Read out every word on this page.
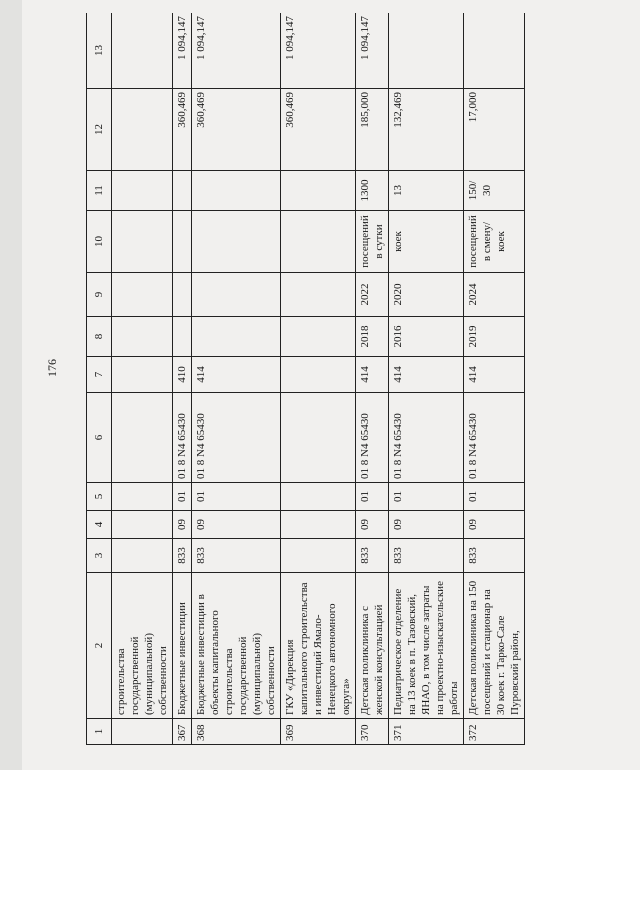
176
1	2	3	4	5	6	7	8	9	10	11	12	13
	строительства государственной (муниципальной) собственности											
367	Бюджетные инвестиции	833	09	01	01 8 N4 65430	410					360,469	1 094,147
368	Бюджетные инвестиции в объекты капитального строительства государственной (муниципальной) собственности	833	09	01	01 8 N4 65430	414					360,469	1 094,147
369	ГКУ «Дирекция капитального строительства и инвестиций Ямало-Ненецкого автономного округа»										360,469	1 094,147
370	Детская поликлиника с женской консультацией	833	09	01	01 8 N4 65430	414	2018	2022	посещений в сутки	1300	185,000	1 094,147
371	Педиатрическое отделение на 13 коек в п. Тазовский, ЯНАО, в том числе затраты на проектно-изыскательские работы	833	09	01	01 8 N4 65430	414	2016	2020	коек	13	132,469	
372	Детская поликлиника на 150 посещений и стационар на 30 коек г. Тарко-Сале Пуровский район,	833	09	01	01 8 N4 65430	414	2019	2024	посещений в смену/ коек	150/ 30	17,000	
